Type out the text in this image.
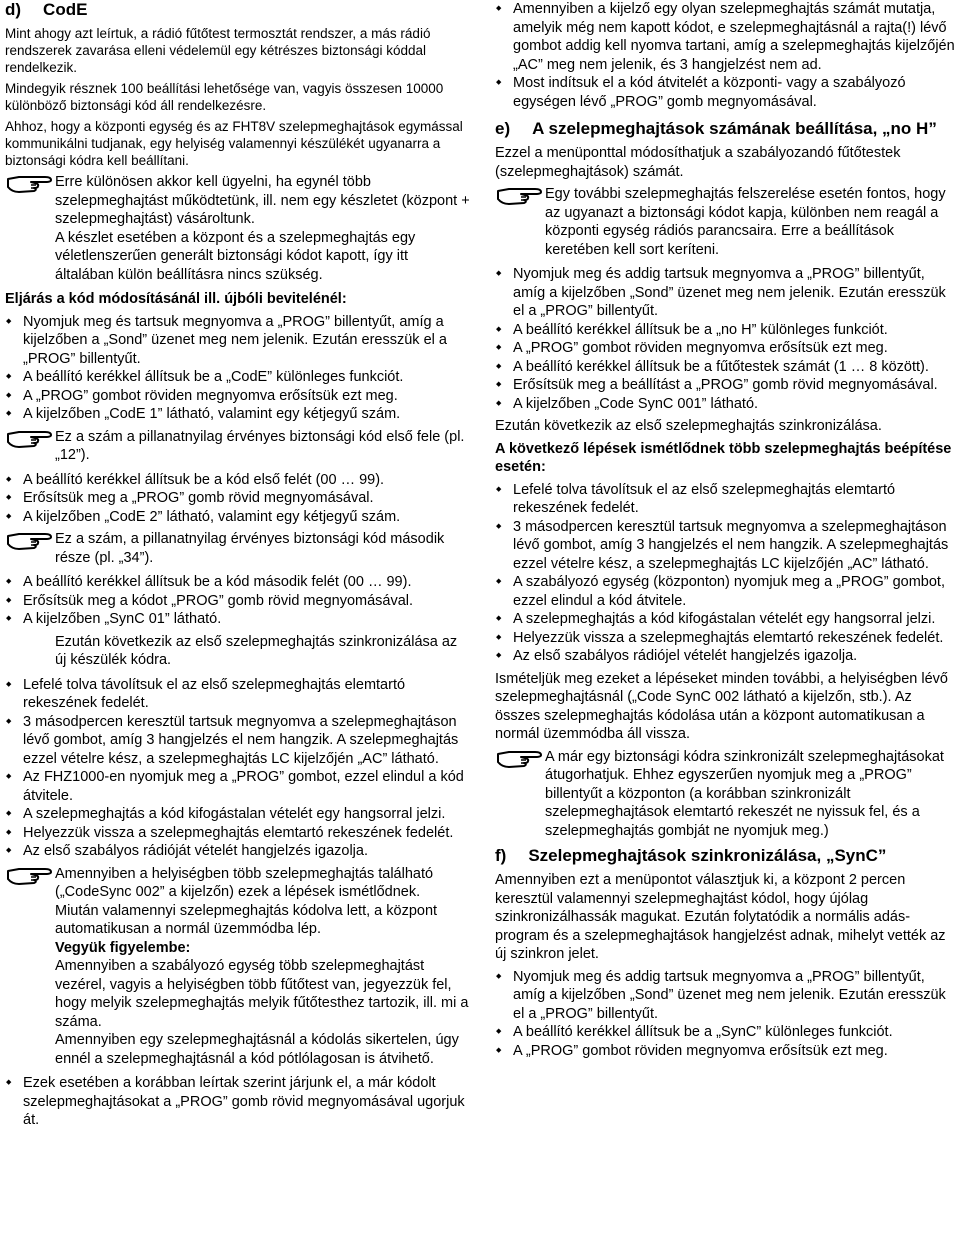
d) CodE
Mint ahogy azt leírtuk, a rádió fűtőtest termosztát rendszer, a más rádió rendszerek zavarása elleni védelemül egy kétrészes biztonsági kóddal rendelkezik.
Mindegyik résznek 100 beállítási lehetősége van, vagyis összesen 10000 különböző biztonsági kód áll rendelkezésre.
Ahhoz, hogy a központi egység és az FHT8V szelepmeghajtások egymással kommunikálni tudjanak, egy helyiség valamennyi készülékét ugyanarra a biztonsági kódra kell beállítani.
Erre különösen akkor kell ügyelni, ha egynél több szelepmeghajtást működtetünk, ill. nem egy készletet (központ + szelepmeghajtást) vásároltunk.
A készlet esetében a központ és a szelepmeghajtás egy véletlenszerűen generált biztonsági kódot kapott, így itt általában külön beállításra nincs szükség.
Eljárás a kód módosításánál ill. újbóli bevitelénél:
◆ Nyomjuk meg és tartsuk megnyomva a „PROG” billentyűt, amíg a kijelzőben a „Sond” üzenet meg nem jelenik. Ezután eresszük el a „PROG” billentyűt.
◆ A beállító kerékkel állítsuk be a „CodE” különleges funkciót.
◆ A „PROG” gombot röviden megnyomva erősítsük ezt meg.
◆ A kijelzőben „CodE 1” látható, valamint egy kétjegyű szám.
Ez a szám a pillanatnyilag érvényes biztonsági kód első fele (pl. „12”).
◆ A beállító kerékkel állítsuk be a kód első felét (00 … 99).
◆ Erősítsük meg a „PROG” gomb rövid megnyomásával.
◆ A kijelzőben „CodE 2” látható, valamint egy kétjegyű szám.
Ez a szám, a pillanatnyilag érvényes biztonsági kód második része (pl. „34”).
◆ A beállító kerékkel állítsuk be a kód második felét (00 … 99).
◆ Erősítsük meg a kódot „PROG” gomb rövid megnyomásával.
◆ A kijelzőben „SynC 01” látható.
Ezután következik az első szelepmeghajtás szinkronizálása az új készülék kódra.
◆ Lefelé tolva távolítsuk el az első szelepmeghajtás elemtartó rekeszének fedelét.
◆ 3 másodpercen keresztül tartsuk megnyomva a szelepmeghajtáson lévő gombot, amíg 3 hangjelzés el nem hangzik. A szelepmeghajtás ezzel vételre kész, a szelepmeghajtás LC kijelzőjén „AC” látható.
◆ Az FHZ1000-en nyomjuk meg a „PROG” gombot, ezzel elindul a kód átvitele.
◆ A szelepmeghajtás a kód kifogástalan vételét egy hangsorral jelzi.
◆ Helyezzük vissza a szelepmeghajtás elemtartó rekeszének fedelét.
◆ Az első szabályos rádióját vételét hangjelzés igazolja.
Amennyiben a helyiségben több szelepmeghajtás található („CodeSync 002” a kijelzőn) ezek a lépések ismétlődnek.
Miután valamennyi szelepmeghajtás kódolva lett, a központ automatikusan a normál üzemmódba lép.
Vegyük figyelembe:
Amennyiben a szabályozó egység több szelepmeghajtást vezérel, vagyis a helyiségben több fűtőtest van, jegyezzük fel, hogy melyik szelepmeghajtás melyik fűtőtesthez tartozik, ill. mi a száma.
Amennyiben egy szelepmeghajtásnál a kódolás sikertelen, úgy ennél a szelepmeghajtásnál a kód pótlólagosan is átvihető.
◆ Ezek esetében a korábban leírtak szerint járjunk el, a már kódolt szelepmeghajtásokat a „PROG” gomb rövid megnyomásával ugorjuk át.
◆ Amennyiben a kijelző egy olyan szelepmeghajtás számát mutatja, amelyik még nem kapott kódot, e szelepmeghajtásnál a rajta(!) lévő gombot addig kell nyomva tartani, amíg a szelepmeghajtás kijelzőjén „AC” meg nem jelenik, és 3 hangjelzést nem ad.
◆ Most indítsuk el a kód átvitelét a központi- vagy a szabályozó egységen lévő „PROG” gomb megnyomásával.
e) A szelepmeghajtások számának beállítása, „no H”
Ezzel a menüponttal módosíthatjuk a szabályozandó fűtőtestek (szelepmeghajtások) számát.
Egy további szelepmeghajtás felszerelése esetén fontos, hogy az ugyanazt a biztonsági kódot kapja, különben nem reagál a központi egység rádiós parancsaira. Erre a beállítások keretében kell sort keríteni.
◆ Nyomjuk meg és addig tartsuk megnyomva a „PROG” billentyűt, amíg a kijelzőben „Sond” üzenet meg nem jelenik. Ezután eresszük el a „PROG” billentyűt.
◆ A beállító kerékkel állítsuk be a „no H” különleges funkciót.
◆ A „PROG” gombot röviden megnyomva erősítsük ezt meg.
◆ A beállító kerékkel állítsuk be a fűtőtestek számát (1 … 8 között).
◆ Erősítsük meg a beállítást a „PROG” gomb rövid megnyomásával.
◆ A kijelzőben „Code SynC 001” látható.
Ezután következik az első szelepmeghajtás szinkronizálása.
A következő lépések ismétlődnek több szelepmeghajtás beépítése esetén:
◆ Lefelé tolva távolítsuk el az első szelepmeghajtás elemtartó rekeszének fedelét.
◆ 3 másodpercen keresztül tartsuk megnyomva a szelepmeghajtáson lévő gombot, amíg 3 hangjelzés el nem hangzik. A szelepmeghajtás ezzel vételre kész, a szelepmeghajtás LC kijelzőjén „AC” látható.
◆ A szabályozó egység (központon) nyomjuk meg a „PROG” gombot, ezzel elindul a kód átvitele.
◆ A szelepmeghajtás a kód kifogástalan vételét egy hangsorral jelzi.
◆ Helyezzük vissza a szelepmeghajtás elemtartó rekeszének fedelét.
◆ Az első szabályos rádiójel vételét hangjelzés igazolja.
Ismételjük meg ezeket a lépéseket minden további, a helyiségben lévő szelepmeghajtásnál („Code SynC 002 látható a kijelzőn, stb.). Az összes szelepmeghajtás kódolása után a központ automatikusan a normál üzemmódba áll vissza.
A már egy biztonsági kódra szinkronizált szelepmeghajtásokat átugorhatjuk. Ehhez egyszerűen nyomjuk meg a „PROG” billentyűt a központon (a korábban szinkronizált szelepmeghajtások elemtartó rekeszét ne nyissuk fel, és a szelepmeghajtás gombját ne nyomjuk meg.)
f) Szelepmeghajtások szinkronizálása, „SynC”
Amennyiben ezt a menüpontot választjuk ki, a központ 2 percen keresztül valamennyi szelepmeghajtást kódol, hogy újólag szinkronizálhassák magukat. Ezután folytatódik a normális adás-program és a szelepmeghajtások hangjelzést adnak, mihelyt vették az új szinkron jelet.
◆ Nyomjuk meg és addig tartsuk megnyomva a „PROG” billentyűt, amíg a kijelzőben „Sond” üzenet meg nem jelenik. Ezután eresszük el a „PROG” billentyűt.
◆ A beállító kerékkel állítsuk be a „SynC” különleges funkciót.
◆ A „PROG” gombot röviden megnyomva erősítsük ezt meg.
